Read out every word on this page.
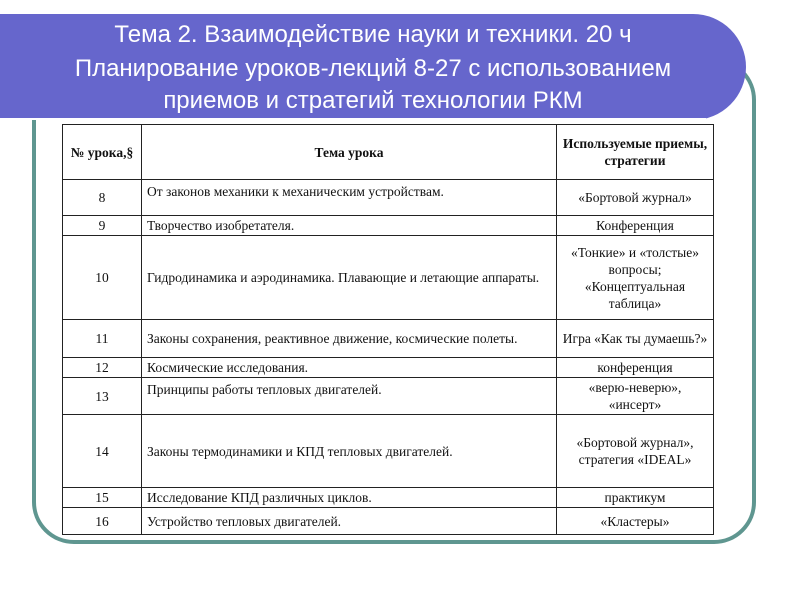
Тема 2. Взаимодействие науки и техники. 20 ч
Планирование уроков-лекций 8-27 с использованием
приемов и стратегий технологии РКМ
№ урока,§	Тема урока	Используемые приемы, стратегии
8	От законов механики к механическим устройствам.	«Бортовой журнал»
9	Творчество изобретателя.	Конференция
10	Гидродинамика и аэродинамика. Плавающие и летающие аппараты.	«Тонкие» и «толстые» вопросы; «Концептуальная таблица»
11	Законы сохранения, реактивное движение, космические полеты.	Игра «Как ты думаешь?»
12	Космические исследования.	конференция
13	Принципы работы тепловых двигателей.	«верю-неверю», «инсерт»
14	Законы термодинамики и КПД тепловых двигателей.	«Бортовой журнал», стратегия «IDEAL»
15	Исследование КПД различных циклов.	практикум
16	Устройство тепловых двигателей.	«Кластеры»
